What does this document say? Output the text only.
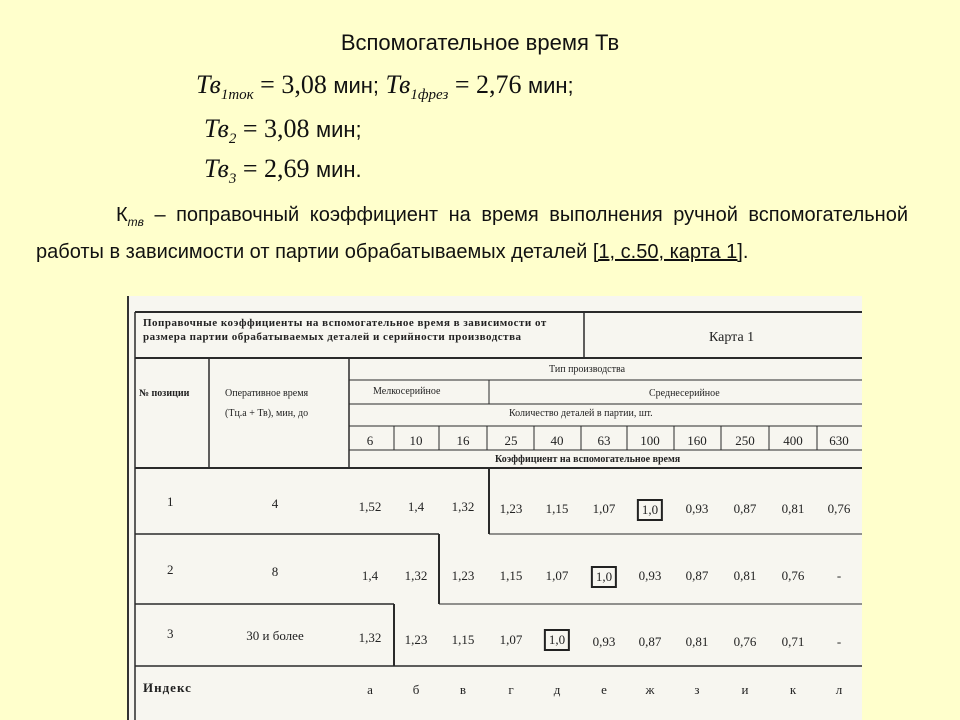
Вспомогательное время Тв
$Тв_{1ток} = 3,08$ мин; $Тв_{1фрез} = 2,76$ мин;
$Тв_2 = 3,08$ мин;
$Тв_3 = 2,69$ мин.
$К_{тв}$ – поправочный коэффициент на время выполнения ручной вспомогательной работы в зависимости от партии обрабатываемых деталей [1, с.50, карта 1].
Поправочные коэффициенты на вспомогательное время в зависимости от размера партии обрабатываемых деталей и серийности производства	Карта 1
№ позиции	Оперативное время
(Тц.а + Тв), мин, до
Тип производства
Мелкосерийное	Среднесерийное
Количество деталей в партии, шт.
Коэффициент на вспомогательное время
6	10	16	25	40	63 100 160 250 400 630
1	4	1,52 1,4 1,32 1,23 1,15 1,07	1,0	0,93 0,87 0,81 0,76
2	8	1,4 1,32 1,23 1,15 1,07	1,0	0,93 0,87 0,81 0,76 -
3	30 и более	1,32 1,23 1,15 1,07	1,0	0,93 0,87 0,81 0,76 0,71 -
Индекс	а	б	в	г	д	е	ж	з	и	к	л
